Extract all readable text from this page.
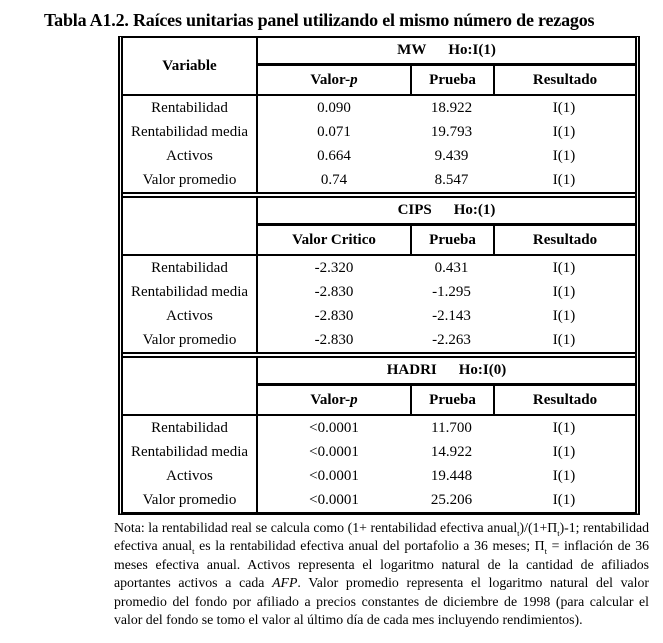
Tabla A1.2. Raíces unitarias panel utilizando el mismo número de rezagos
Variable
MW Ho:I(1)
Valor- p	Prueba	Resultado
Rentabilidad	0.090	18.922	I(1)
Rentabilidad media	0.071	19.793	I(1)
Activos	0.664	9.439	I(1)
Valor promedio	0.74	8.547	I(1)
CIPS Ho:(1)
Valor Critico	Prueba	Resultado
Rentabilidad	-2.320	0.431	I(1)
Rentabilidad media	-2.830	-1.295	I(1)
Activos	-2.830	-2.143	I(1)
Valor promedio	-2.830	-2.263	I(1)
HADRI Ho:I(0)
Valor- p	Prueba	Resultado
Rentabilidad	<0.0001	11.700	I(1)
Rentabilidad media	<0.0001	14.922	I(1)
Activos	<0.0001	19.448	I(1)
Valor promedio	<0.0001	25.206	I(1)
Nota: la rentabilidad real se calcula como (1+ rentabilidad efectiva $anual_t)/(1+\Pi_t)-1$; rentabilidad efectiva anual$_t$ es la rentabilidad efectiva anual del portafolio a 36 meses; $\Pi_t$ = inflación de 36 meses efectiva anual. Activos representa el logaritmo natural de la cantidad de afiliados aportantes activos a cada AFP. Valor promedio representa el logaritmo natural del valor promedio del fondo por afiliado a precios constantes de diciembre de 1998 (para calcular el valor del fondo se tomo el valor al último día de cada mes incluyendo rendimientos).
